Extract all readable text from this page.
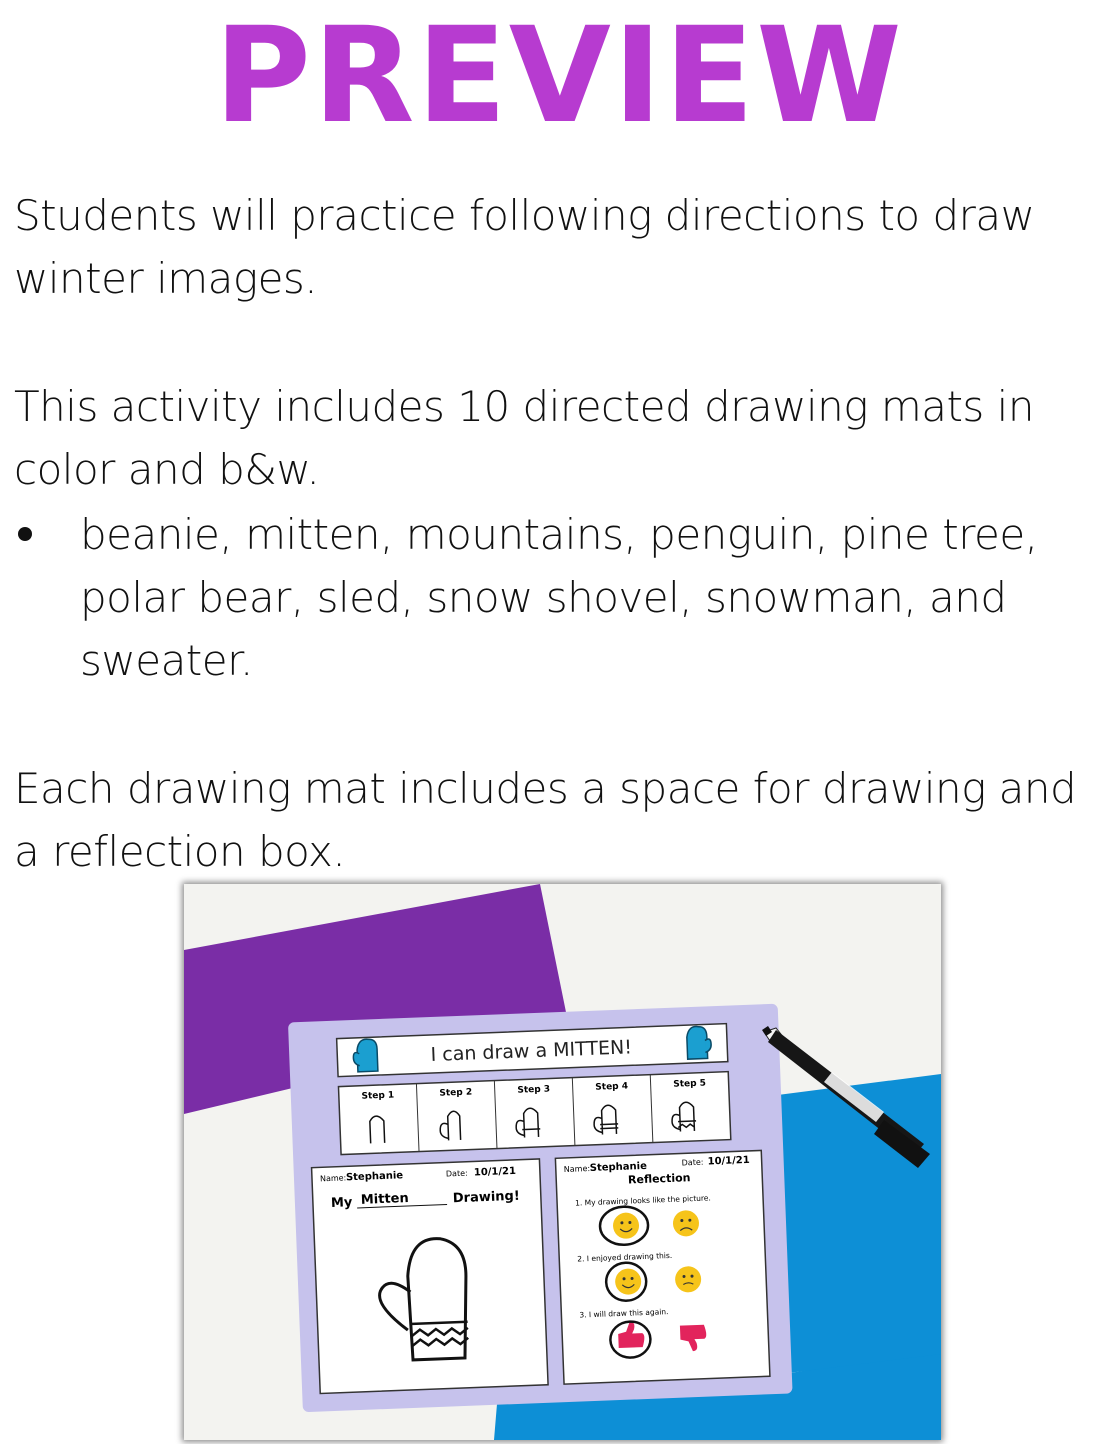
PREVIEW

Students will practice following directions to draw winter images.

This activity includes 10 directed drawing mats in color and b&w.

beanie, mitten, mountains, penguin, pine tree, polar bear, sled, snow shovel, snowman, and sweater.

Each drawing mat includes a space for drawing and a reflection box.

I can draw a MITTEN!
Step 1	Step 2	Step 3	Step 4	Step 5
Name: Stephanie	Date: 10/1/21
My Mitten	Drawing!
Name: Stephanie	Date: 10/1/21
Reflection
1. My drawing looks like the picture.
2. I enjoyed drawing this.
3. I will draw this again.
